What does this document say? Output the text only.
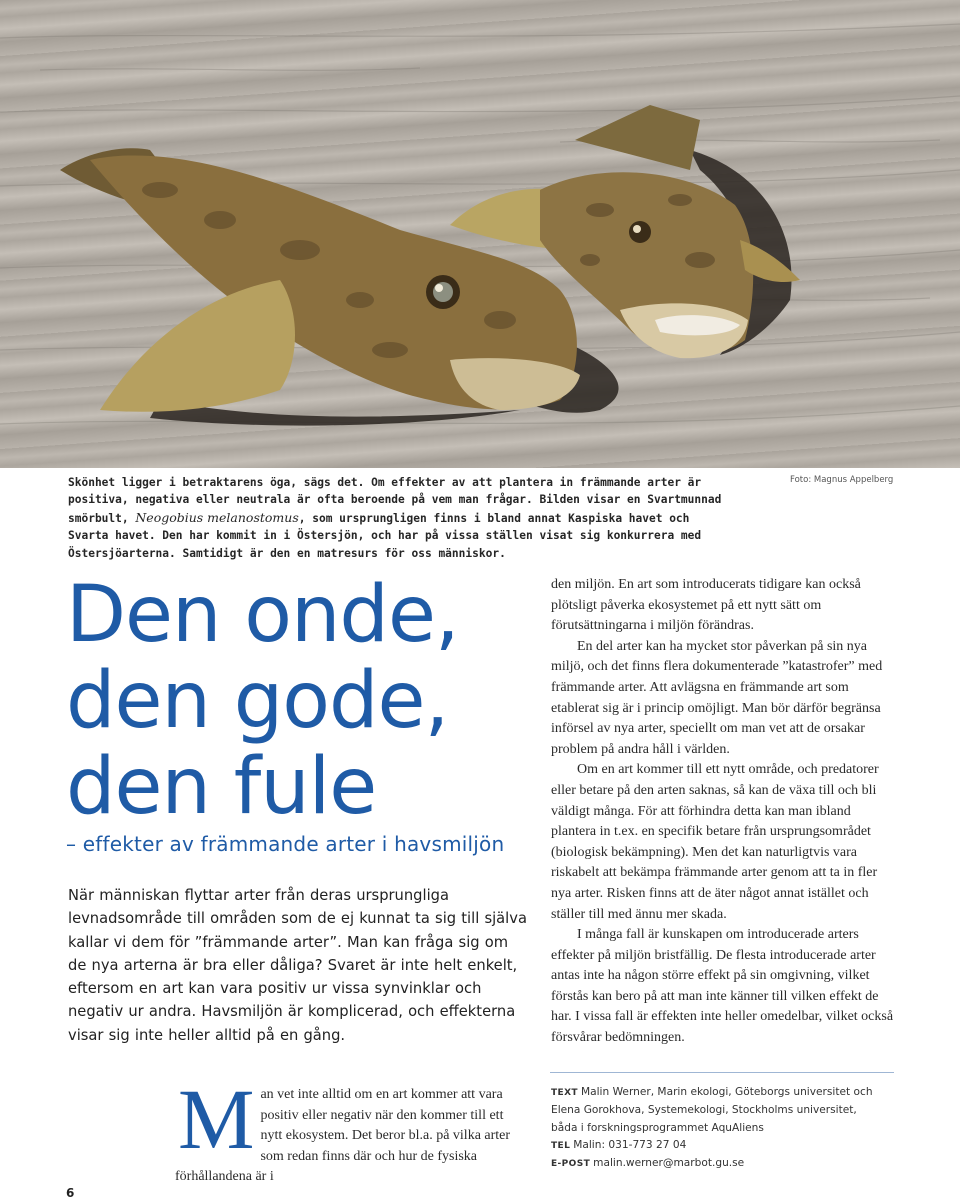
Skönhet ligger i betraktarens öga, sägs det. Om effekter av att plantera in främmande arter är positiva, negativa eller neutrala är ofta beroende på vem man frågar. Bilden visar en Svartmunnad smörbult, Neogobius melanostomus, som ursprungligen finns i bland annat Kaspiska havet och Svarta havet. Den har kommit in i Östersjön, och har på vissa ställen visat sig konkurrera med Östersjöarterna. Samtidigt är den en matresurs för oss människor.

Foto: Magnus Appelberg
Den onde,
den gode,
den fule

– effekter av främmande arter i havsmiljön

När människan flyttar arter från deras ursprungliga levnadsområde till områden som de ej kunnat ta sig till själva kallar vi dem för ”främmande arter”. Man kan fråga sig om de nya arterna är bra eller dåliga? Svaret är inte helt enkelt, eftersom en art kan vara positiv ur vissa synvinklar och negativ ur andra. Havsmiljön är komplicerad, och effekterna visar sig inte heller alltid på en gång.

den miljön. En art som introducerats tidigare kan också plötsligt påverka ekosystemet på ett nytt sätt om förutsättningarna i miljön förändras.

En del arter kan ha mycket stor påverkan på sin nya miljö, och det finns flera dokumenterade ”katastrofer” med främmande arter. Att avlägsna en främmande art som etablerat sig är i princip omöjligt. Man bör därför begränsa införsel av nya arter, speciellt om man vet att de orsakar problem på andra håll i världen.

Om en art kommer till ett nytt område, och predatorer eller betare på den arten saknas, så kan de växa till och bli väldigt många. För att förhindra detta kan man ibland plantera in t.ex. en specifik betare från ursprungsområdet (biologisk bekämpning). Men det kan naturligtvis vara riskabelt att bekämpa främmande arter genom att ta in fler nya arter. Risken finns att de äter något annat istället och ställer till med ännu mer skada.

I många fall är kunskapen om introducerade arters effekter på miljön bristfällig. De flesta introducerade arter antas inte ha någon större effekt på sin omgivning, vilket förstås kan bero på att man inte känner till vilken effekt de har. I vissa fall är effekten inte heller omedelbar, vilket också försvårar bedömningen.

Man vet inte alltid om en art kommer att vara positiv eller negativ när den kommer till ett nytt ekosystem. Det beror bl.a. på vilka arter som redan finns där och hur de fysiska förhållandena är i

TEXT Malin Werner, Marin ekologi, Göteborgs universitet och
Elena Gorokhova, Systemekologi, Stockholms universitet,
båda i forskningsprogrammet AquAliens
TEL Malin: 031-773 27 04
E-POST malin.werner@marbot.gu.se

6
